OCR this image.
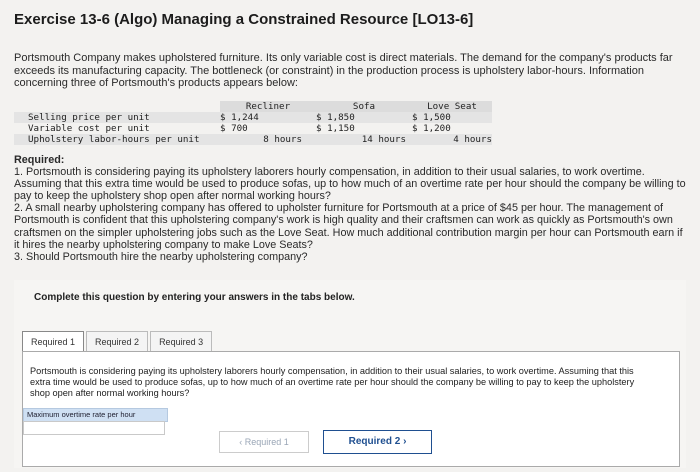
Exercise 13-6 (Algo) Managing a Constrained Resource [LO13-6]
Portsmouth Company makes upholstered furniture. Its only variable cost is direct materials. The demand for the company's products far exceeds its manufacturing capacity. The bottleneck (or constraint) in the production process is upholstery labor-hours. Information concerning three of Portsmouth's products appears below:
	Recliner	Sofa	Love Seat
Selling price per unit	$ 1,244	$ 1,850	$ 1,500
Variable cost per unit	$ 700	$ 1,150	$ 1,200
Upholstery labor-hours per unit	8 hours	14 hours	4 hours

Required:

1. Portsmouth is considering paying its upholstery laborers hourly compensation, in addition to their usual salaries, to work overtime. Assuming that this extra time would be used to produce sofas, up to how much of an overtime rate per hour should the company be willing to pay to keep the upholstery shop open after normal working hours?

2. A small nearby upholstering company has offered to upholster furniture for Portsmouth at a price of $45 per hour. The management of Portsmouth is confident that this upholstering company's work is high quality and their craftsmen can work as quickly as Portsmouth's own craftsmen on the simpler upholstering jobs such as the Love Seat. How much additional contribution margin per hour can Portsmouth earn if it hires the nearby upholstering company to make Love Seats?

3. Should Portsmouth hire the nearby upholstering company?

Complete this question by entering your answers in the tabs below.
Required 1	Required 2	Required 3
Portsmouth is considering paying its upholstery laborers hourly compensation, in addition to their usual salaries, to work overtime. Assuming that this extra time would be used to produce sofas, up to how much of an overtime rate per hour should the company be willing to pay to keep the upholstery shop open after normal working hours?
Maximum overtime rate per hour
‹ Required 1	Required 2 ›
